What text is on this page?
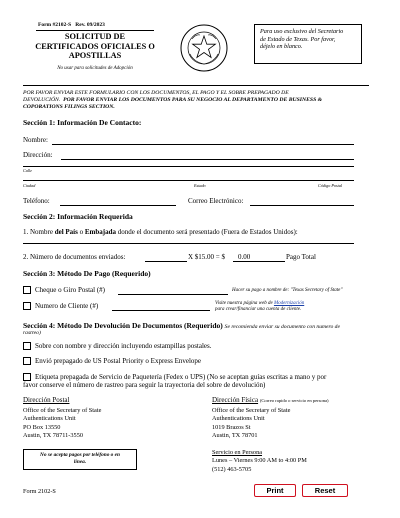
Form #2102-S Rev. 09/2023
SOLICITUD DE
CERTIFICADOS OFICIALES O
APOSTILLAS
No usar para solicitudes de Adopción
Para uso exclusivo del Secretario
de Estado de Texas. Por favor,
déjelo en blanco.
POR FAVOR ENVIAR ESTE FORMULARIO CON LOS DOCUMENTOS, EL PAGO Y EL SOBRE PREPAGADO DE
DEVOLUCIÓN. POR FAVOR ENVIAR LOS DOCUMENTOS PARA SU NEGOCIO AL DEPARTAMENTO DE BUSINESS &
COPORATIONS FILINGS SECTION.
Sección 1: Información De Contacto:
Nombre:
Dirección:
Calle
Ciudad	Estado	Código Postal
Teléfono:	Correo Electrónico:
Sección 2: Información Requerida
1. Nombre del País o Embajada donde el documento será presentado (Fuera de Estados Unidos):
2. Número de documentos enviados:	X $15.00 = $ 0.00	Pago Total
Sección 3: Método De Pago (Requerido)
Cheque o Giro Postal (#)	Hacer su pago a nombre de: "Texas Secretary of State"
Numero de Cliente (#)	Visite nuestra página web de Modernización
para crear/financiar una cuenta de cliente.
Sección 4: Método De Devolución De Documentos (Requerido) Se recomienda enviar su documento con numero de
rastreo)
Sobre con nombre y dirección incluyendo estampillas postales.
Envió prepagado de US Postal Priority o Express Envelope
Etiqueta prepagada de Servicio de Paquetería (Fedex o UPS) (No se aceptan guías escritas a mano y por
favor conserve el número de rastreo para seguir la trayectoria del sobre de devolución)
Dirección Postal
Office of the Secretary of State
Authentications Unit
PO Box 13550
Austin, TX 78711-3550
Dirección Física (Correo rapido o servicio en persona)
Office of the Secretary of State
Authentications Unit
1019 Brazos St
Austin, TX 78701
No se acepta pagos por teléfono o en
línea.
Servicio en Persona
Lunes – Viernes 9:00 AM to 4:00 PM
(512) 463-5705
Form 2102-S	Print	Reset
